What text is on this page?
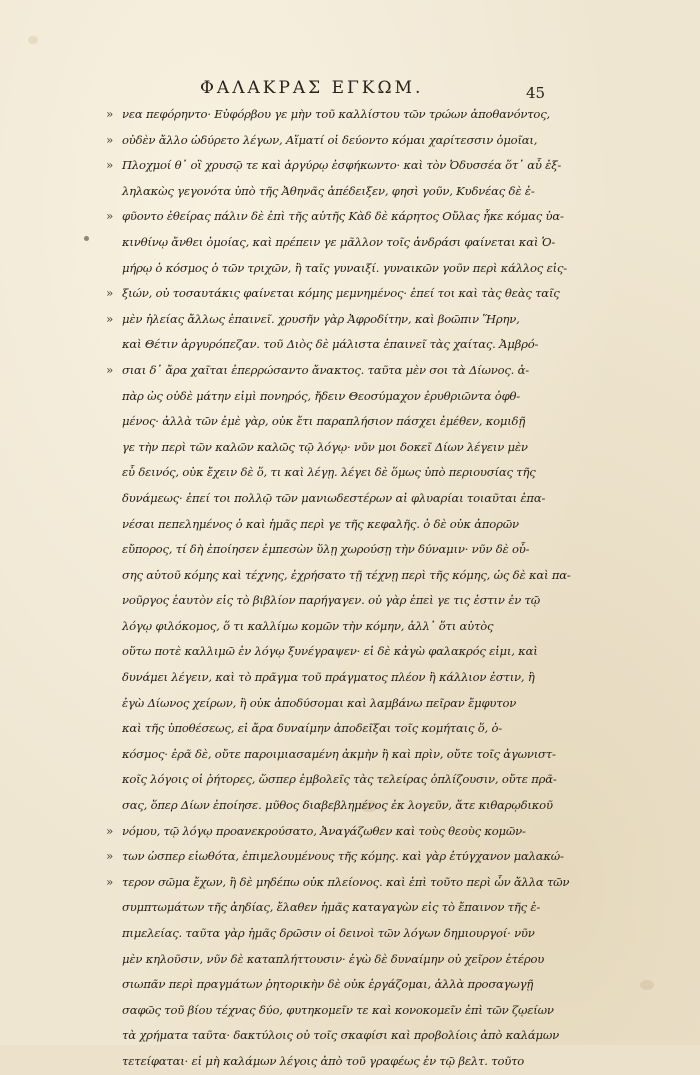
ΦΑΛΑΚΡΑΣ ΕΓΚΩΜ.	45
» νεα πεφόρηντο· Εὐφόρβου γε μὴν τοῦ καλλίστου τῶν τρώων ἀποθανόντος,
» οὐδὲν ἄλλο ὠδύρετο λέγων, Αἵματί οἱ δεύοντο κόμαι χαρίτεσσιν ὁμοῖαι,
» Πλοχμοί θ᾽ οἳ χρυσῷ τε καὶ ἀργύρῳ ἐσφήκωντο· καὶ τὸν Ὀδυσσέα ὅτ᾽ αὖ ἐξ-
ληλακὼς γεγονότα ὑπὸ τῆς Ἀθηνᾶς ἀπέδειξεν, φησὶ γοῦν, Κυδνέας δὲ ἐ-
» φῦοντο ἐθείρας πάλιν δὲ ἐπὶ τῆς αὐτῆς Κὰδ δὲ κάρητος Οὔλας ἧκε κόμας ὑα-
κινθίνῳ ἄνθει ὁμοίας, καὶ πρέπειν γε μᾶλλον τοῖς ἀνδράσι φαίνεται καὶ Ὁ-
μήρῳ ὁ κόσμος ὁ τῶν τριχῶν, ἢ ταῖς γυναιξί. γυναικῶν γοῦν περὶ κάλλος εἰς-
» ξιών, οὐ τοσαυτάκις φαίνεται κόμης μεμνημένος· ἐπεί τοι καὶ τὰς θεὰς ταῖς
» μὲν ἠλείας ἄλλως ἐπαινεῖ. χρυσῆν γὰρ Ἀφροδίτην, καὶ βοῶπιν Ἥρην,
καὶ Θέτιν ἀργυρόπεζαν. τοῦ Διὸς δὲ μάλιστα ἐπαινεῖ τὰς χαίτας. Ἀμβρό-
» σιαι δ᾽ ἄρα χαῖται ἐπερρώσαντο ἄνακτος. ταῦτα μὲν σοι τὰ Δίωνος. ἀ-
πὰρ ὡς οὐδὲ μάτην εἰμὶ πονηρός, ἤδειν Θεοσύμαχον ἐρυθριῶντα ὀφθ-
μένος· ἀλλὰ τῶν ἐμὲ γὰρ, οὐκ ἔτι παραπλήσιον πάσχει ἐμέθεν, κομιδῇ
γε τὴν περὶ τῶν καλῶν καλῶς τῷ λόγῳ· νῦν μοι δοκεῖ Δίων λέγειν μὲν
εὖ δεινός, οὐκ ἔχειν δὲ ὅ, τι καὶ λέγῃ. λέγει δὲ ὅμως ὑπὸ περιουσίας τῆς
δυνάμεως· ἐπεί τοι πολλῷ τῶν μανιωδεστέρων αἱ φλυαρίαι τοιαῦται ἐπα-
νέσαι πεπελημένος ὁ καὶ ἡμᾶς περὶ γε τῆς κεφαλῆς. ὁ δὲ οὐκ ἀπορῶν
εὔπορος, τί δὴ ἐποίησεν ἐμπεσὼν ὕλῃ χωρούσῃ τὴν δύναμιν· νῦν δὲ οὖ-
σης αὐτοῦ κόμης καὶ τέχνης, ἐχρήσατο τῇ τέχνῃ περὶ τῆς κόμης, ὡς δὲ καὶ πα-
νοῦργος ἑαυτὸν εἰς τὸ βιβλίον παρήγαγεν. οὐ γὰρ ἐπεὶ γε τις ἐστιν ἐν τῷ
λόγῳ φιλόκομος, ὅ τι καλλίμω κομῶν τὴν κόμην, ἀλλ᾽ ὅτι αὐτὸς
οὕτω ποτὲ καλλιμῶ ἐν λόγῳ ξυνέγραψεν· εἰ δὲ κἀγὼ φαλακρός εἰμι, καὶ
δυνάμει λέγειν, καὶ τὸ πρᾶγμα τοῦ πράγματος πλέον ἢ κάλλιον ἐστιν, ἢ
ἐγὼ Δίωνος χείρων, ἢ οὐκ ἀποδύσομαι καὶ λαμβάνω πεῖραν ἔμφυτον
καὶ τῆς ὑποθέσεως, εἰ ἄρα δυναίμην ἀποδεῖξαι τοῖς κομήταις ὅ, ὁ-
κόσμος· ἐρᾶ δὲ, οὔτε παροιμιασαμένη ἀκμὴν ἢ καὶ πρὶν, οὔτε τοῖς ἀγωνιστ-
κοῖς λόγοις οἱ ῥήτορες, ὥσπερ ἐμβολεῖς τὰς τελείρας ὁπλίζουσιν, οὔτε πρᾶ-
σας, ὅπερ Δίων ἐποίησε. μῦθος διαβεβλημένος ἐκ λογεῦν, ἅτε κιθαρῳδικοῦ
» νόμου, τῷ λόγῳ προανεκρούσατο, Ἀναγάζωθεν καὶ τοὺς θεοὺς κομῶν-
» των ὡσπερ εἰωθότα, ἐπιμελουμένους τῆς κόμης. καὶ γὰρ ἐτύγχανον μαλακώ-
» τερον σῶμα ἔχων, ἢ δὲ μηδέπω οὐκ πλείονος. καὶ ἐπὶ τοῦτο περὶ ὧν ἄλλα τῶν
συμπτωμάτων τῆς ἀηδίας, ἔλαθεν ἡμᾶς καταγαγὼν εἰς τὸ ἔπαινον τῆς ἐ-
πιμελείας. ταῦτα γὰρ ἡμᾶς δρῶσιν οἱ δεινοὶ τῶν λόγων δημιουργοί· νῦν
μὲν κηλοῦσιν, νῦν δὲ καταπλήττουσιν· ἐγὼ δὲ δυναίμην οὐ χεῖρον ἑτέρου
σιωπᾶν περὶ πραγμάτων ῥητορικὴν δὲ οὐκ ἐργάζομαι, ἀλλὰ προσαγωγῇ
σαφῶς τοῦ βίου τέχνας δύο, φυτηκομεῖν τε καὶ κονοκομεῖν ἐπὶ τῶν ζῳείων
τὰ χρήματα ταῦτα· δακτύλοις οὐ τοῖς σκαφίσι καὶ προβολίοις ἀπὸ καλάμων
τετείφαται· εἰ μὴ καλάμων λέγοις ἀπὸ τοῦ γραφέως ἐν τῷ βελτ. τοῦτο
